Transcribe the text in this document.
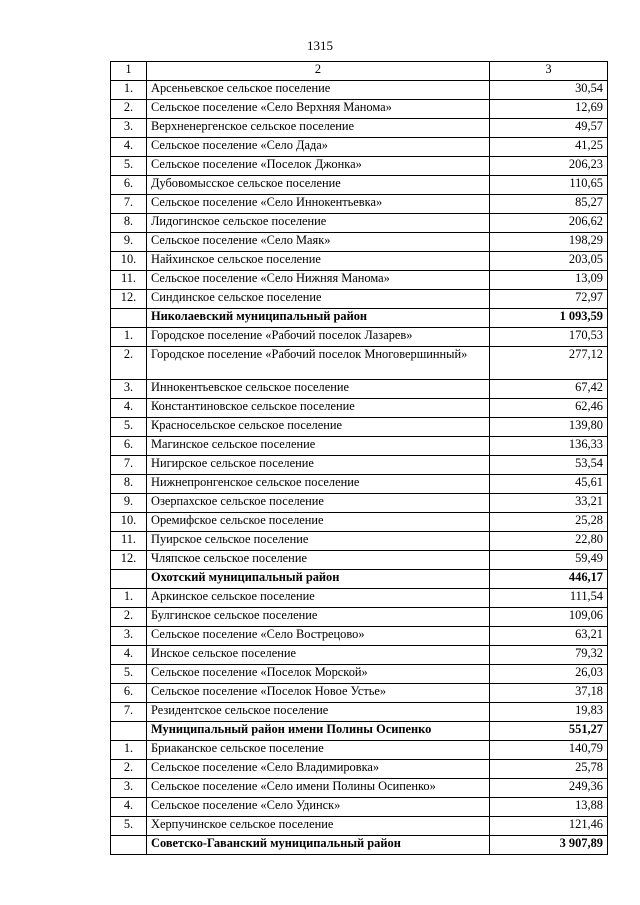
1315
1	2	3
1.	Арсеньевское сельское поселение	30,54
2.	Сельское поселение «Село Верхняя Манома»	12,69
3.	Верхненергенское сельское поселение	49,57
4.	Сельское поселение «Село Дада»	41,25
5.	Сельское поселение «Поселок Джонка»	206,23
6.	Дубовомысское сельское поселение	110,65
7.	Сельское поселение «Село Иннокентьевка»	85,27
8.	Лидогинское сельское поселение	206,62
9.	Сельское поселение «Село Маяк»	198,29
10.	Найхинское сельское поселение	203,05
11.	Сельское поселение «Село Нижняя Манома»	13,09
12.	Синдинское сельское поселение	72,97
	Николаевский муниципальный район	1 093,59
1.	Городское поселение «Рабочий поселок Лазарев»	170,53
2.	Городское поселение «Рабочий поселок Многовершинный»	277,12
3.	Иннокентьевское сельское поселение	67,42
4.	Константиновское сельское поселение	62,46
5.	Красносельское сельское поселение	139,80
6.	Магинское сельское поселение	136,33
7.	Нигирское сельское поселение	53,54
8.	Нижнепронгенское сельское поселение	45,61
9.	Озерпахское сельское поселение	33,21
10.	Оремифское сельское поселение	25,28
11.	Пуирское сельское поселение	22,80
12.	Чляпское сельское поселение	59,49
	Охотский муниципальный район	446,17
1.	Аркинское сельское поселение	111,54
2.	Булгинское сельское поселение	109,06
3.	Сельское поселение «Село Вострецово»	63,21
4.	Инское сельское поселение	79,32
5.	Сельское поселение «Поселок Морской»	26,03
6.	Сельское поселение «Поселок Новое Устье»	37,18
7.	Резидентское сельское поселение	19,83
	Муниципальный район имени Полины Осипенко	551,27
1.	Бриаканское сельское поселение	140,79
2.	Сельское поселение «Село Владимировка»	25,78
3.	Сельское поселение «Село имени Полины Осипенко»	249,36
4.	Сельское поселение «Село Удинск»	13,88
5.	Херпучинское сельское поселение	121,46
	Советско-Гаванский муниципальный район	3 907,89
